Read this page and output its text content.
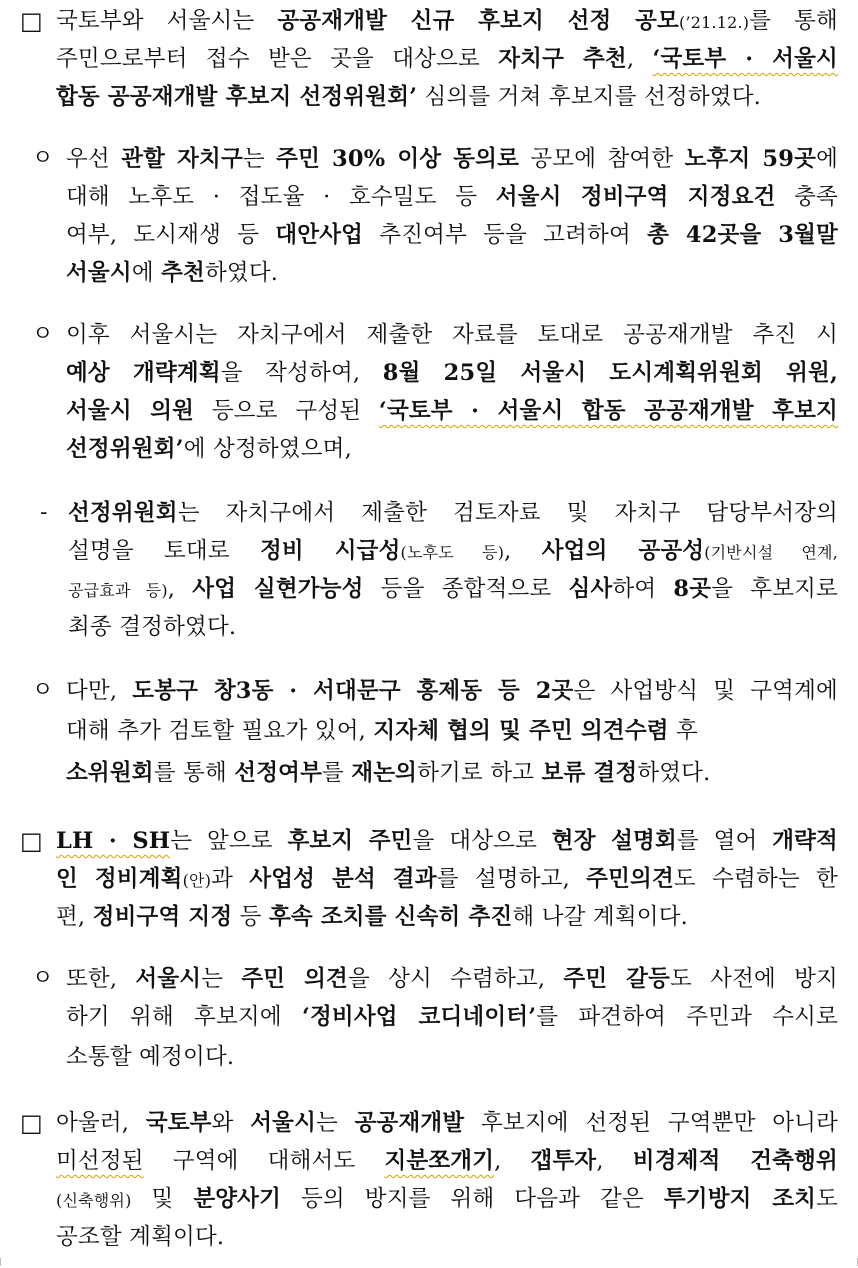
□ 국토부와 서울시는 공공재개발 신규 후보지 선정 공모(’21.12.)를 통해
주민으로부터 접수 받은 곳을 대상으로 자치구 추천, ‘국토부 · 서울시
합동 공공재개발 후보지 선정위원회’ 심의를 거쳐 후보지를 선정하였다.
ㅇ 우선 관할 자치구는 주민 30% 이상 동의로 공모에 참여한 노후지 59곳에
대해 노후도 · 접도율 · 호수밀도 등 서울시 정비구역 지정요건 충족
여부, 도시재생 등 대안사업 추진여부 등을 고려하여 총 42곳을 3월말
서울시에 추천하였다.
ㅇ 이후 서울시는 자치구에서 제출한 자료를 토대로 공공재개발 추진 시
예상 개략계획을 작성하여, 8월 25일 서울시 도시계획위원회 위원,
서울시 의원 등으로 구성된 ‘국토부 · 서울시 합동 공공재개발 후보지
선정위원회’에 상정하였으며,
- 선정위원회는 자치구에서 제출한 검토자료 및 자치구 담당부서장의
설명을 토대로 정비 시급성(노후도 등), 사업의 공공성(기반시설 연계,
공급효과 등), 사업 실현가능성 등을 종합적으로 심사하여 8곳을 후보지로
최종 결정하였다.
ㅇ 다만, 도봉구 창3동 · 서대문구 홍제동 등 2곳은 사업방식 및 구역계에
대해 추가 검토할 필요가 있어, 지자체 협의 및 주민 의견수렴 후
소위원회를 통해 선정여부를 재논의하기로 하고 보류 결정하였다.
□ LH · SH는 앞으로 후보지 주민을 대상으로 현장 설명회를 열어 개략적
인 정비계획(안)과 사업성 분석 결과를 설명하고, 주민의견도 수렴하는 한
편, 정비구역 지정 등 후속 조치를 신속히 추진해 나갈 계획이다.
ㅇ 또한, 서울시는 주민 의견을 상시 수렴하고, 주민 갈등도 사전에 방지
하기 위해 후보지에 ‘정비사업 코디네이터’를 파견하여 주민과 수시로
소통할 예정이다.
□ 아울러, 국토부와 서울시는 공공재개발 후보지에 선정된 구역뿐만 아니라
미선정된 구역에 대해서도 지분쪼개기, 갭투자, 비경제적 건축행위
(신축행위) 및 분양사기 등의 방지를 위해 다음과 같은 투기방지 조치도
공조할 계획이다.
